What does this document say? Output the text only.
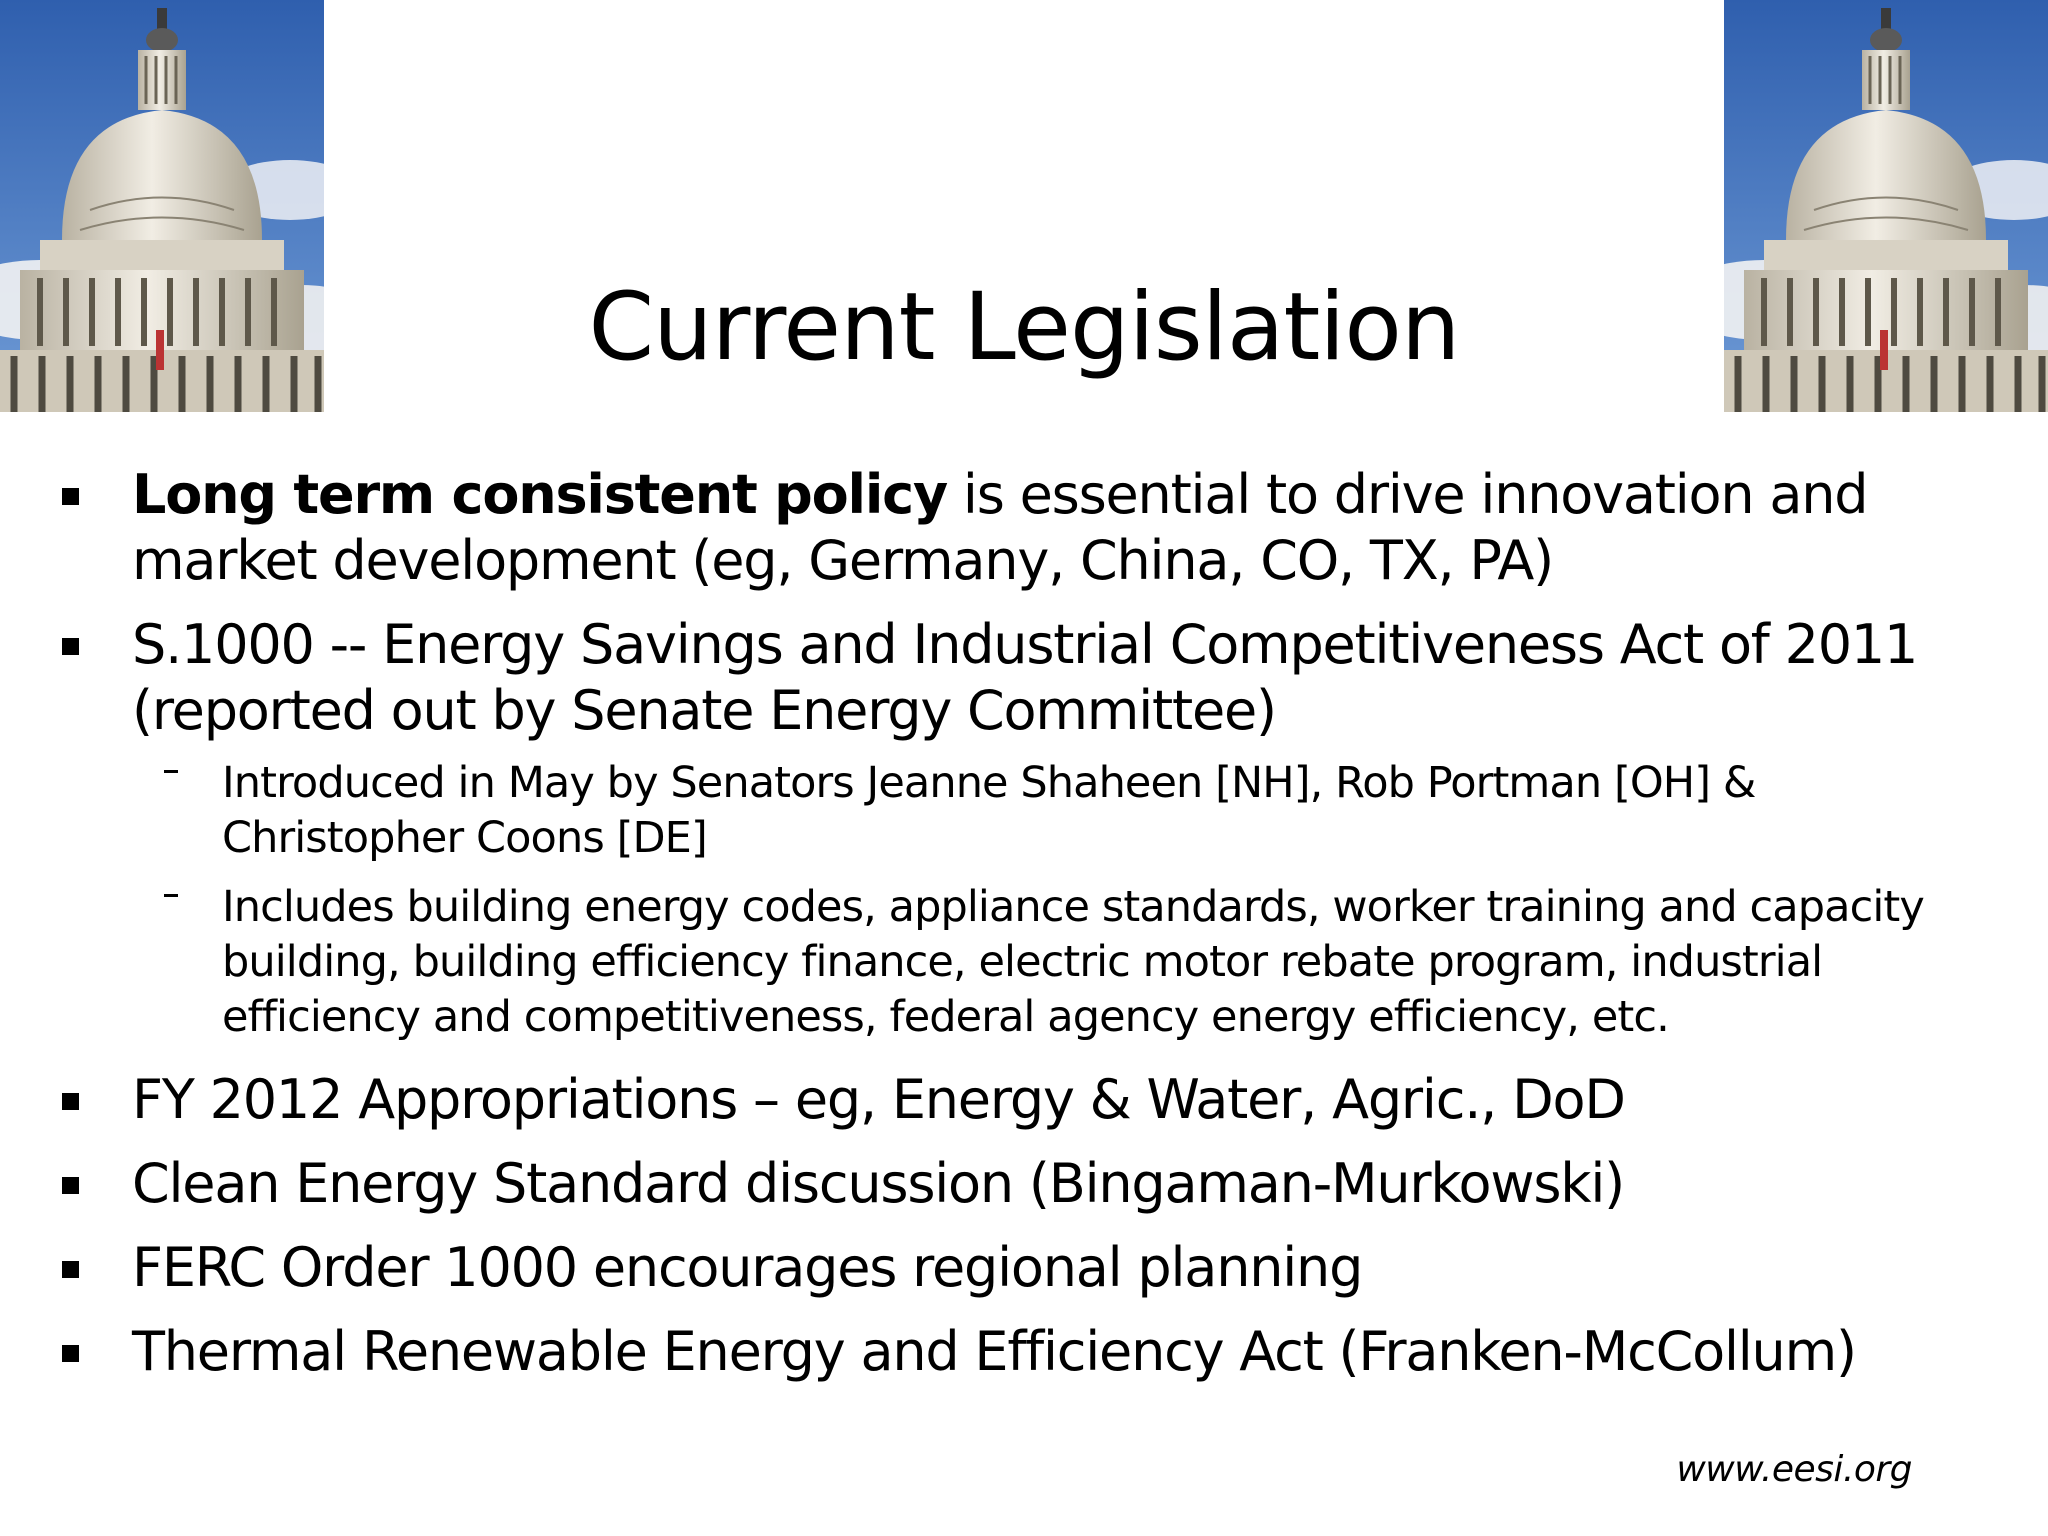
Current Legislation
Long term consistent policy is essential to drive innovation and market development (eg, Germany, China, CO, TX, PA)
S.1000 -- Energy Savings and Industrial Competitiveness Act of 2011 (reported out by Senate Energy Committee)
Introduced in May by Senators Jeanne Shaheen [NH], Rob Portman [OH] & Christopher Coons [DE]
Includes building energy codes, appliance standards, worker training and capacity building, building efficiency finance, electric motor rebate program, industrial efficiency and competitiveness, federal agency energy efficiency, etc.
FY 2012 Appropriations – eg, Energy & Water, Agric., DoD
Clean Energy Standard discussion (Bingaman-Murkowski)
FERC Order 1000 encourages regional planning
Thermal Renewable Energy and Efficiency Act (Franken-McCollum)
www.eesi.org
